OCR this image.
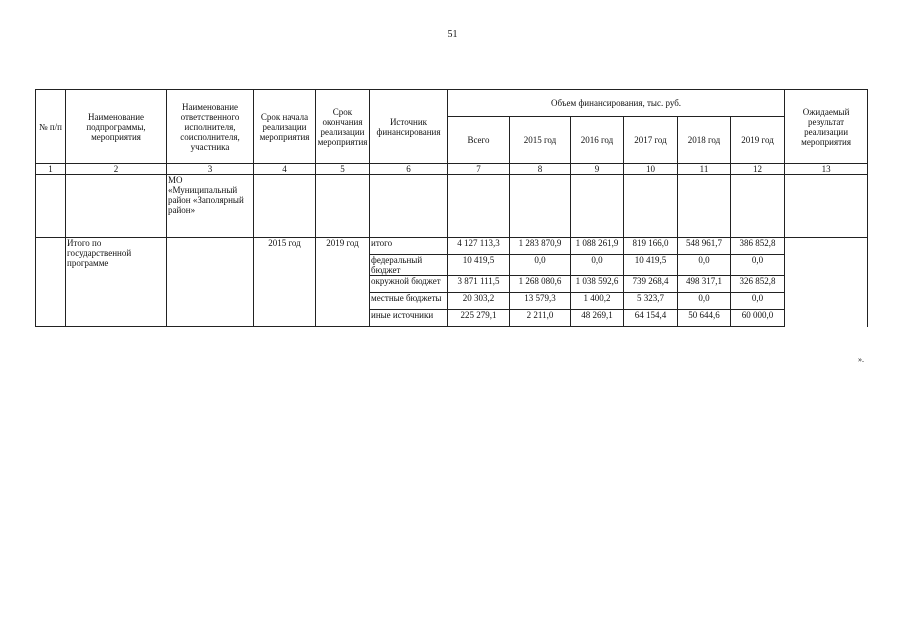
51
№ п/п	Наименование подпрограммы, мероприятия	Наименование ответственного исполнителя, соисполнителя, участника	Срок начала реализации мероприятия	Срок окончания реализации мероприятия	Источник финансирования	Объем финансирования, тыс. руб.						Ожидаемый результат реализации мероприятия
						Всего	2015 год	2016 год	2017 год	2018 год	2019 год	
1	2	3	4	5	6	7	8	9	10	11	12	13
		МО «Муниципальный район «Заполярный район»										
	Итого по государственной программе		2015 год	2019 год	итого	4 127 113,3	1 283 870,9	1 088 261,9	819 166,0	548 961,7	386 852,8	
					федеральный бюджет	10 419,5	0,0	0,0	10 419,5	0,0	0,0	
					окружной бюджет	3 871 111,5	1 268 080,6	1 038 592,6	739 268,4	498 317,1	326 852,8	
					местные бюджеты	20 303,2	13 579,3	1 400,2	5 323,7	0,0	0,0	
					иные источники	225 279,1	2 211,0	48 269,1	64 154,4	50 644,6	60 000,0	
».
